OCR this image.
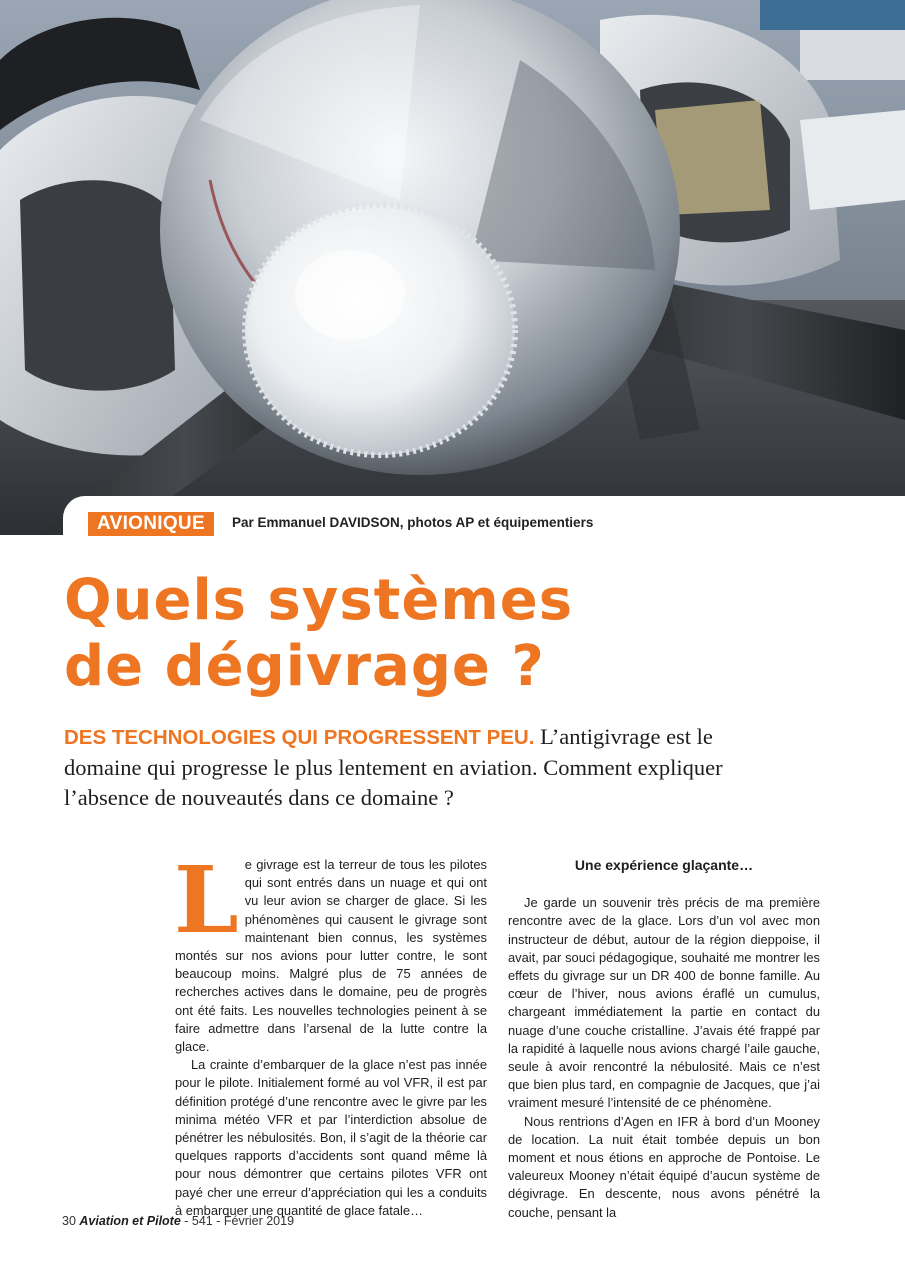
AVIONIQUE	Par Emmanuel DAVIDSON, photos AP et équipementiers
Quels systèmes
de dégivrage ?

DES TECHNOLOGIES QUI PROGRESSENT PEU. L’antigivrage est le domaine qui progresse le plus lentement en aviation. Comment expliquer l’absence de nouveautés dans ce domaine ?

Le givrage est la terreur de tous les pilotes qui sont entrés dans un nuage et qui ont vu leur avion se charger de glace. Si les phénomènes qui causent le givrage sont maintenant bien connus, les systèmes montés sur nos avions pour lutter contre, le sont beaucoup moins. Malgré plus de 75 années de recherches actives dans le domaine, peu de progrès ont été faits. Les nouvelles technologies peinent à se faire admettre dans l’arsenal de la lutte contre la glace.

La crainte d’embarquer de la glace n’est pas innée pour le pilote. Initialement formé au vol VFR, il est par définition protégé d’une rencontre avec le givre par les minima météo VFR et par l’interdiction absolue de pénétrer les nébulosités. Bon, il s’agit de la théorie car quelques rapports d’accidents sont quand même là pour nous démontrer que certains pilotes VFR ont payé cher une erreur d’appréciation qui les a conduits à embarquer une quantité de glace fatale…

Une expérience glaçante…

Je garde un souvenir très précis de ma première rencontre avec de la glace. Lors d’un vol avec mon instructeur de début, autour de la région dieppoise, il avait, par souci pédagogique, souhaité me montrer les effets du givrage sur un DR 400 de bonne famille. Au cœur de l’hiver, nous avions éraflé un cumulus, chargeant immédiatement la partie en contact du nuage d’une couche cristalline. J’avais été frappé par la rapidité à laquelle nous avions chargé l’aile gauche, seule à avoir rencontré la nébulosité. Mais ce n’est que bien plus tard, en compagnie de Jacques, que j’ai vraiment mesuré l’intensité de ce phénomène.

Nous rentrions d’Agen en IFR à bord d’un Mooney de location. La nuit était tombée depuis un bon moment et nous étions en approche de Pontoise. Le valeureux Mooney n’était équipé d’aucun système de dégivrage. En descente, nous avons pénétré la couche, pensant la

30 Aviation et Pilote - 541 - Février 2019
